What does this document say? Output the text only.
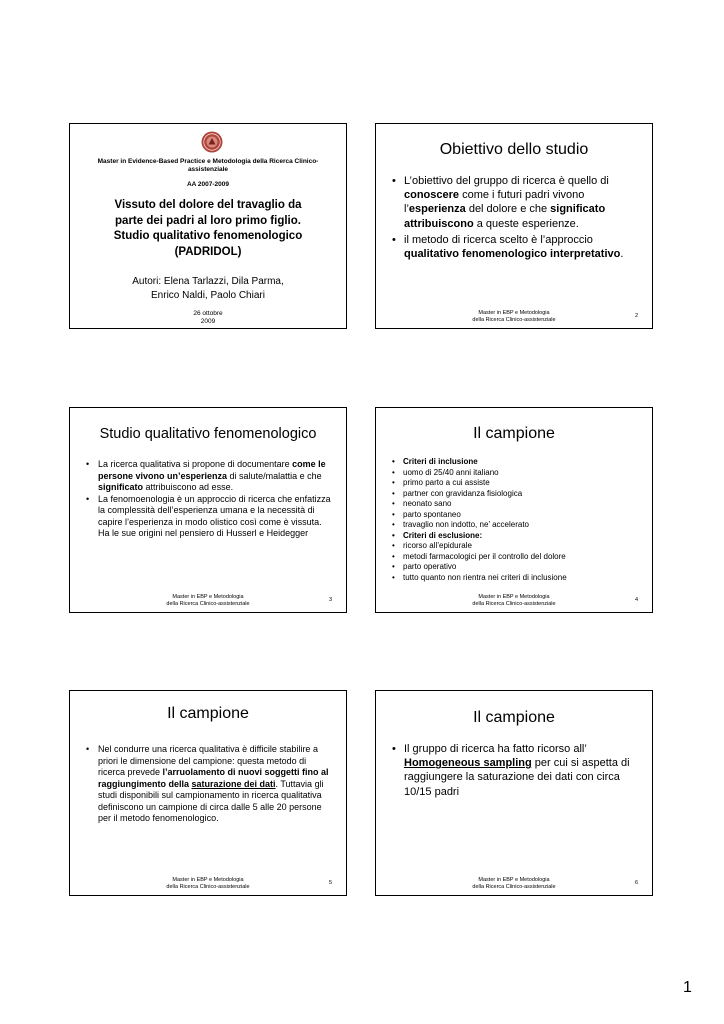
Master in Evidence-Based Practice e Metodologia della Ricerca Clinico-assistenziale
AA 2007-2009
Vissuto del dolore del travaglio da
parte dei padri al loro primo figlio.
Studio qualitativo fenomenologico
(PADRIDOL)
Autori: Elena Tarlazzi, Dila Parma,
Enrico Naldi, Paolo Chiari
26 ottobre
2009
Obiettivo dello studio
• L’obiettivo del gruppo di ricerca è quello di conoscere come i futuri padri vivono l’esperienza del dolore e che significato attribuiscono a queste esperienze.
• il metodo di ricerca scelto è l’approccio qualitativo fenomenologico interpretativo.
Master in EBP e Metodologia
della Ricerca Clinico-assistenziale
2
Studio qualitativo fenomenologico
• La ricerca qualitativa si propone di documentare come le persone vivono un’esperienza di salute/malattia e che significato attribuiscono ad esse.
• La fenomoenologia è un approccio di ricerca che enfatizza la complessità dell’esperienza umana e la necessità di capire l’esperienza in modo olistico così come è vissuta. Ha le sue origini nel pensiero di Husserl e Heidegger
Master in EBP e Metodologia
della Ricerca Clinico-assistenziale
3
Il campione
• Criteri di inclusione
• uomo di 25/40 anni italiano
• primo parto a cui assiste
• partner con gravidanza fisiologica
• neonato sano
• parto spontaneo
• travaglio non indotto, ne’ accelerato
• Criteri di esclusione:
• ricorso all’epidurale
• metodi farmacologici per il controllo del dolore
• parto operativo
• tutto quanto non rientra nei criteri di inclusione
Master in EBP e Metodologia
della Ricerca Clinico-assistenziale
4
Il campione
• Nel condurre una ricerca qualitativa è difficile stabilire a priori le dimensione del campione: questa metodo di ricerca prevede l’arruolamento di nuovi soggetti fino al raggiungimento della saturazione dei dati. Tuttavia gli studi disponibili sul campionamento in ricerca qualitativa definiscono un campione di circa dalle 5 alle 20 persone per il metodo fenomenologico.
Master in EBP e Metodologia
della Ricerca Clinico-assistenziale
5
Il campione
• Il gruppo di ricerca ha fatto ricorso all’ Homogeneous sampling per cui si aspetta di raggiungere la saturazione dei dati con circa 10/15 padri
Master in EBP e Metodologia
della Ricerca Clinico-assistenziale
6
1
